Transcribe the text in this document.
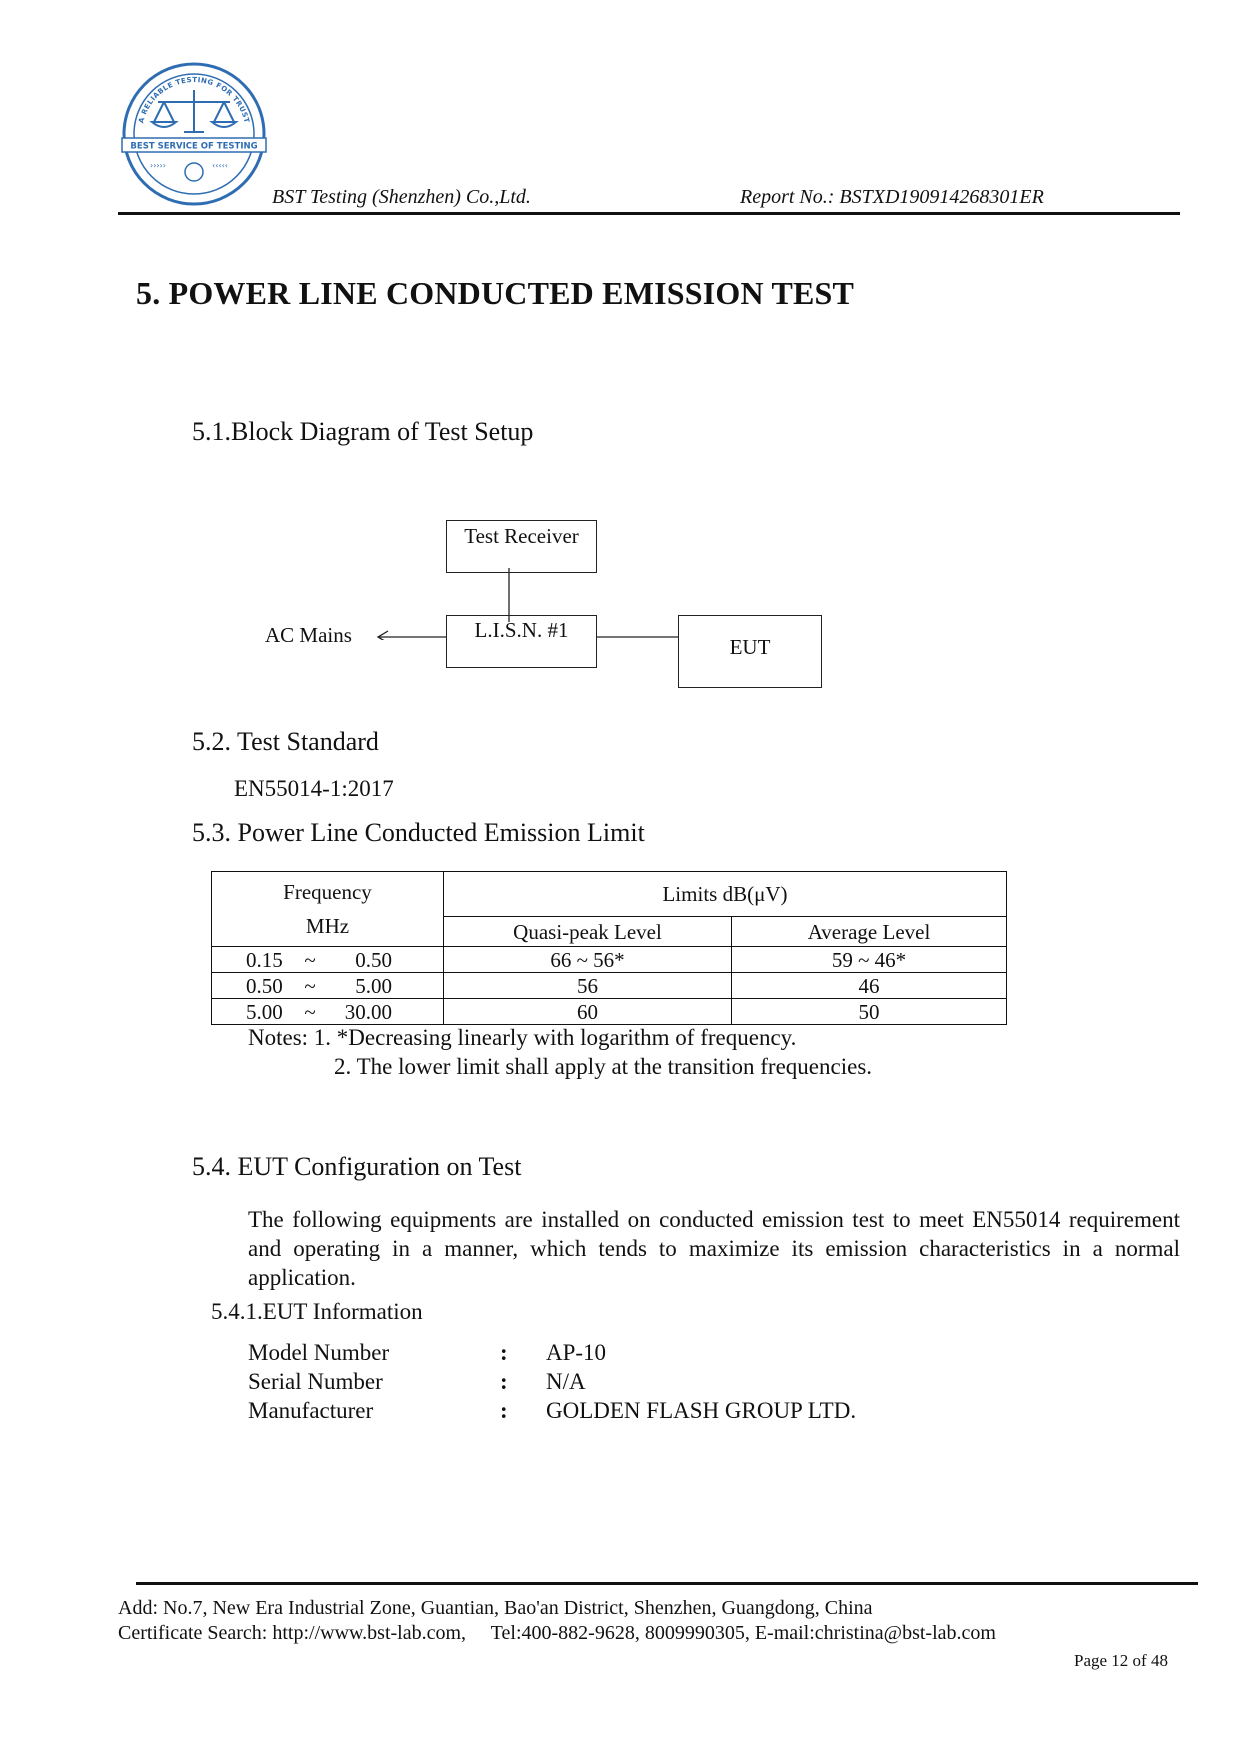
A RELIABLE TESTING FOR TRUST
BEST SERVICE OF TESTING
›››››	‹‹‹‹‹
BST Testing (Shenzhen) Co.,Ltd.	Report No.: BSTXD190914268301ER
5. POWER LINE CONDUCTED EMISSION TEST
5.1.Block Diagram of Test Setup
Test Receiver
L.I.S.N. #1
EUT
AC Mains
5.2. Test Standard
EN55014-1:2017
5.3. Power Line Conducted Emission Limit
Frequency
MHz	Limits dB(μV)	
	Quasi-peak Level	Average Level
0.15 ~ 0.50	66 ~ 56*	59 ~ 46*
0.50 ~ 5.00	56	46
5.00 ~ 30.00	60	50
Notes: 1. *Decreasing linearly with logarithm of frequency.
2. The lower limit shall apply at the transition frequencies.
5.4. EUT Configuration on Test
The following equipments are installed on conducted emission test to meet EN55014 requirement and operating in a manner, which tends to maximize its emission characteristics in a normal application.
5.4.1.EUT Information
Model Number	: AP-10
Serial Number	: N/A
Manufacturer	: GOLDEN FLASH GROUP LTD.
Add: No.7, New Era Industrial Zone, Guantian, Bao'an District, Shenzhen, Guangdong, China
Certificate Search: http://www.bst-lab.com,     Tel:400-882-9628, 8009990305, E-mail:christina@bst-lab.com
Page 12 of 48
